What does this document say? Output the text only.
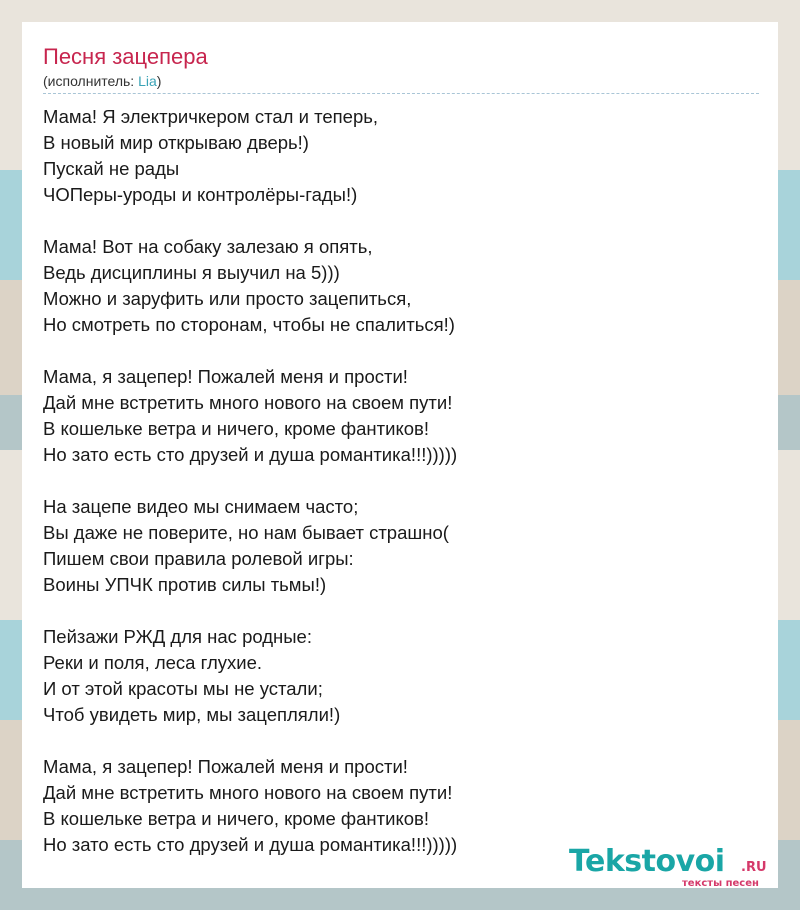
Песня зацепера
(исполнитель: Lia)
Мама! Я электричкером стал и теперь,
В новый мир открываю дверь!)
Пускай не рады
ЧОПеры-уроды и контролёры-гады!)
Мама! Вот на собаку залезаю я опять,
Ведь дисциплины я выучил на 5)))
Можно и заруфить или просто зацепиться,
Но смотреть по сторонам, чтобы не спалиться!)
Мама, я зацепер! Пожалей меня и прости!
Дай мне встретить много нового на своем пути!
В кошельке ветра и ничего, кроме фантиков!
Но зато есть сто друзей и душа романтика!!!)))))
На зацепе видео мы снимаем часто;
Вы даже не поверите, но нам бывает страшно(
Пишем свои правила ролевой игры:
Воины УПЧК против силы тьмы!)
Пейзажи РЖД для нас родные:
Реки и поля, леса глухие.
И от этой красоты мы не устали;
Чтоб увидеть мир, мы зацепляли!)
Мама, я зацепер! Пожалей меня и прости!
Дай мне встретить много нового на своем пути!
В кошельке ветра и ничего, кроме фантиков!
Но зато есть сто друзей и душа романтика!!!)))))	Tekstovoi .RU
тексты песен
